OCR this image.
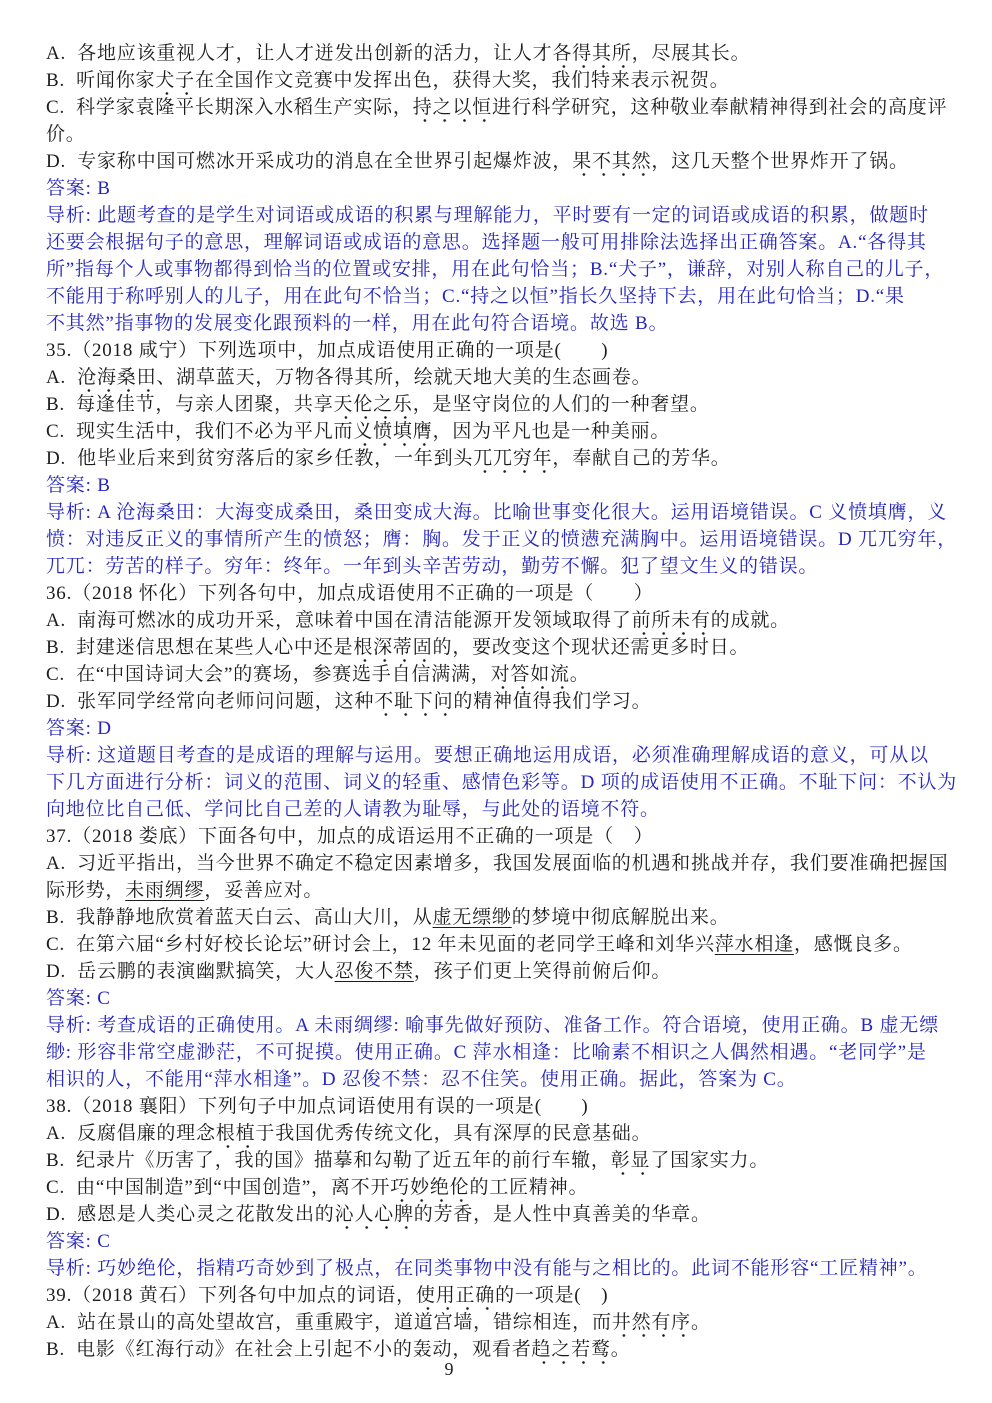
A.  各地应该重视人才，让人才迸发出创新的活力，让人才各得其所，尽展其长。
B.  听闻你家犬子在全国作文竞赛中发挥出色，获得大奖，我们特来表示祝贺。
C.  科学家袁隆平长期深入水稻生产实际，持之以恒进行科学研究，这种敬业奉献精神得到社会的高度评
价。
D.  专家称中国可燃冰开采成功的消息在全世界引起爆炸波，果不其然，这几天整个世界炸开了锅。
答案: B
导析: 此题考查的是学生对词语或成语的积累与理解能力，平时要有一定的词语或成语的积累，做题时
还要会根据句子的意思，理解词语或成语的意思。选择题一般可用排除法选择出正确答案。A.“各得其
所”指每个人或事物都得到恰当的位置或安排，用在此句恰当；B.“犬子”，谦辞，对别人称自己的儿子，
不能用于称呼别人的儿子，用在此句不恰当；C.“持之以恒”指长久坚持下去，用在此句恰当；D.“果
不其然”指事物的发展变化跟预料的一样，用在此句符合语境。故选 B。
35.（2018 咸宁）下列选项中，加点成语使用正确的一项是(　　)
A.  沧海桑田、湖草蓝天，万物各得其所，绘就天地大美的生态画卷。
B.  每逢佳节，与亲人团聚，共享天伦之乐，是坚守岗位的人们的一种奢望。
C.  现实生活中，我们不必为平凡而义愤填膺，因为平凡也是一种美丽。
D.  他毕业后来到贫穷落后的家乡任教，一年到头兀兀穷年，奉献自己的芳华。
答案: B
导析: A 沧海桑田：大海变成桑田，桑田变成大海。比喻世事变化很大。运用语境错误。C 义愤填膺，义
愤：对违反正义的事情所产生的愤怒；膺：胸。发于正义的愤懑充满胸中。运用语境错误。D 兀兀穷年，
兀兀：劳苦的样子。穷年：终年。一年到头辛苦劳动，勤劳不懈。犯了望文生义的错误。
36.（2018 怀化）下列各句中，加点成语使用不正确的一项是（　　）
A.  南海可燃冰的成功开采，意味着中国在清洁能源开发领域取得了前所未有的成就。
B.  封建迷信思想在某些人心中还是根深蒂固的，要改变这个现状还需更多时日。
C.  在“中国诗词大会”的赛场，参赛选手自信满满，对答如流。
D.  张军同学经常向老师问问题，这种不耻下问的精神值得我们学习。
答案: D
导析: 这道题目考查的是成语的理解与运用。要想正确地运用成语，必须准确理解成语的意义，可从以
下几方面进行分析：词义的范围、词义的轻重、感情色彩等。D 项的成语使用不正确。不耻下问：不认为
向地位比自己低、学问比自己差的人请教为耻辱，与此处的语境不符。
37.（2018 娄底）下面各句中，加点的成语运用不正确的一项是（　）
A.  习近平指出，当今世界不确定不稳定因素增多，我国发展面临的机遇和挑战并存，我们要准确把握国
际形势，未雨绸缪，妥善应对。
B.  我静静地欣赏着蓝天白云、高山大川，从虚无缥缈的梦境中彻底解脱出来。
C.  在第六届“乡村好校长论坛”研讨会上，12 年未见面的老同学王峰和刘华兴萍水相逢，感慨良多。
D.  岳云鹏的表演幽默搞笑，大人忍俊不禁，孩子们更上笑得前俯后仰。
答案: C
导析: 考查成语的正确使用。A 未雨绸缪: 喻事先做好预防、准备工作。符合语境，使用正确。B 虚无缥
缈: 形容非常空虚渺茫，不可捉摸。使用正确。C 萍水相逢：比喻素不相识之人偶然相遇。“老同学”是
相识的人，不能用“萍水相逢”。D 忍俊不禁：忍不住笑。使用正确。据此，答案为 C。
38.（2018 襄阳）下列句子中加点词语使用有误的一项是(　　)
A.  反腐倡廉的理念根植于我国优秀传统文化，具有深厚的民意基础。
B.  纪录片《历害了，我的国》描摹和勾勒了近五年的前行车辙，彰显了国家实力。
C.  由“中国制造”到“中国创造”，离不开巧妙绝伦的工匠精神。
D.  感恩是人类心灵之花散发出的沁人心脾的芳香，是人性中真善美的华章。
答案: C
导析: 巧妙绝伦，指精巧奇妙到了极点，在同类事物中没有能与之相比的。此词不能形容“工匠精神”。
39.（2018 黄石）下列各句中加点的词语，使用正确的一项是(　)
A.  站在景山的高处望故宫，重重殿宇，道道宫墙，错综相连，而井然有序。
B.  电影《红海行动》在社会上引起不小的轰动，观看者趋之若鹜。
9
